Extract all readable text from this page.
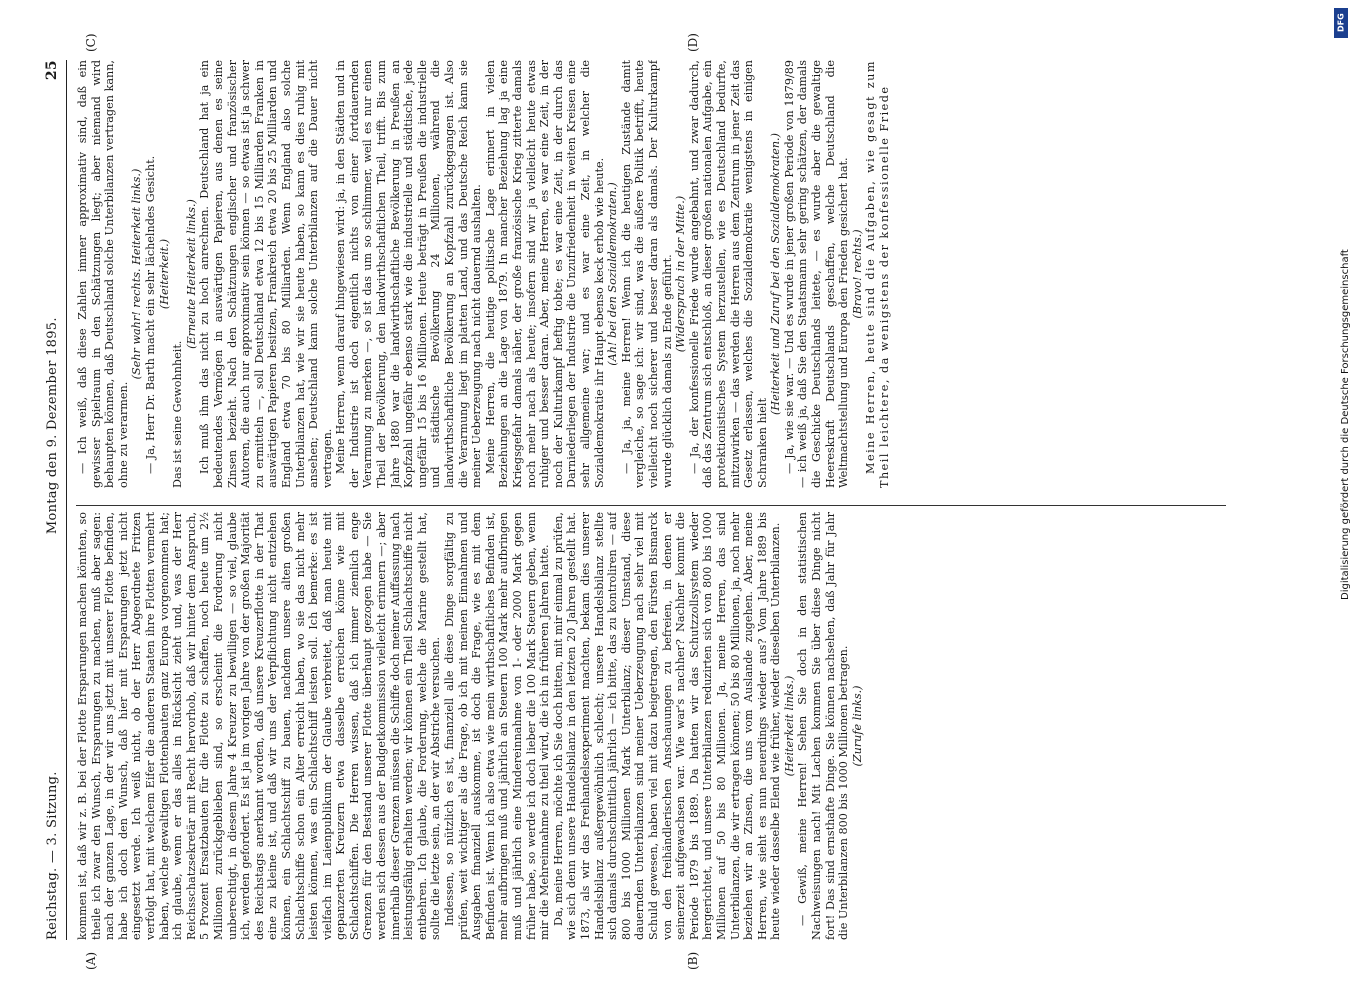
Reichstag. — 3. Sitzung.
Montag den 9. Dezember 1895.
25
(A)	(B)
(C)	(D)

kommen ist, daß wir z. B. bei der Flotte Ersparungen machen könnten, so theile ich zwar den Wunsch, Ersparungen zu machen, muß aber sagen: nach der ganzen Lage, in der wir uns jetzt mit unserer Flotte befinden, habe ich doch den Wunsch, daß hier mit Ersparungen jetzt nicht eingesetzt werde. Ich weiß nicht, ob der Herr Abgeordnete Fritzen verfolgt hat, mit welchem Eifer die anderen Staaten ihre Flotten vermehrt haben, welche gewaltigen Flottenbauten ganz Europa vorgenommen hat; ich glaube, wenn er das alles in Rücksicht zieht und, was der Herr Reichsschatzsekretär mit Recht hervorhob, daß wir hinter dem Anspruch, 5 Prozent Ersatzbauten für die Flotte zu schaffen, noch heute um 2½ Millionen zurückgeblieben sind, so erscheint die Forderung nicht unberechtigt, in diesem Jahre 4 Kreuzer zu bewilligen — so viel, glaube ich, werden gefordert. Es ist ja im vorigen Jahre von der großen Majorität des Reichstags anerkannt worden, daß unsere Kreuzerflotte in der That eine zu kleine ist, und daß wir uns der Verpflichtung nicht entziehen können, ein Schlachtschiff zu bauen, nachdem unsere alten großen Schlachtschiffe schon ein Alter erreicht haben, wo sie das nicht mehr leisten können, was ein Schlachtschiff leisten soll. Ich bemerke: es ist vielfach im Laienpublikum der Glaube verbreitet, daß man heute mit gepanzerten Kreuzern etwa dasselbe erreichen könne wie mit Schlachtschiffen. Die Herren wissen, daß ich immer ziemlich enge Grenzen für den Bestand unserer Flotte überhaupt gezogen habe — Sie werden sich dessen aus der Budgetkommission vielleicht erinnern —; aber innerhalb dieser Grenzen müssen die Schiffe doch meiner Auffassung nach leistungsfähig erhalten werden; wir können ein Theil Schlachtschiffe nicht entbehren. Ich glaube, die Forderung, welche die Marine gestellt hat, sollte die letzte sein, an der wir Abstriche versuchen. Indessen, so nützlich es ist, finanziell alle diese Dinge sorgfältig zu prüfen, weit wichtiger als die Frage, ob ich mit meinen Einnahmen und Ausgaben finanziell auskomme, ist doch die Frage, wie es mit dem Befinden ist. Wenn ich also etwa wie mein wirthschaftliches Befinden ist, mehr aufbringen muß und jährlich an Steuern 100 Mark mehr aufbringen muß und jährlich eine Mindereinnahme von 1- oder 2000 Mark gegen früher habe, so werde ich doch lieber die 100 Mark Steuern geben, wenn mir die Mehreinnahme zu theil wird, die ich in früheren Jahren hatte. Da, meine Herren, möchte ich Sie doch bitten, mit mir einmal zu prüfen, wie sich denn unsere Handelsbilanz in den letzten 20 Jahren gestellt hat. 1873, als wir das Freihandelsexperiment machten, bekam dies unserer Handelsbilanz außergewöhnlich schlecht; unsere Handelsbilanz stellte sich damals durchschnittlich jährlich — ich bitte, das zu kontroliren — auf 800 bis 1000 Millionen Mark Unterbilanz; dieser Umstand, diese dauernden Unterbilanzen sind meiner Ueberzeugung nach sehr viel mit Schuld gewesen, haben viel mit dazu beigetragen, den Fürsten Bismarck von den freihändlerischen Anschauungen zu befreien, in denen er seinerzeit aufgewachsen war. Wie war's nachher? Nachher kommt die Periode 1879 bis 1889. Da hatten wir das Schutzzollsystem wieder hergerichtet, und unsere Unterbilanzen reduzirten sich von 800 bis 1000 Millionen auf 50 bis 80 Millionen. Ja, meine Herren, das sind Unterbilanzen, die wir ertragen können; 50 bis 80 Millionen, ja, noch mehr beziehen wir an Zinsen, die uns vom Auslande zugehen. Aber, meine Herren, wie sieht es nun neuerdings wieder aus? Vom Jahre 1889 bis heute wieder dasselbe Elend wie früher, wieder dieselben Unterbilanzen. (Heiterkeit links.) — Gewiß, meine Herren! Sehen Sie doch in den statistischen Nachweisungen nach! Mit Lachen kommen Sie über diese Dinge nicht fort! Das sind ernsthafte Dinge. Sie können nachsehen, daß Jahr für Jahr die Unterbilanzen 800 bis 1000 Millionen betragen. (Zurufe links.)

— Ich weiß, daß diese Zahlen immer approximativ sind, daß ein gewisser Spielraum in den Schätzungen liegt; aber niemand wird behaupten können, daß Deutschland solche Unterbilanzen vertragen kann, ohne zu verarmen.

(Sehr wahr! rechts. Heiterkeit links.) — Ja, Herr Dr. Barth macht ein sehr lächelndes Gesicht. (Heiterkeit.)

Das ist seine Gewohnheit.

(Erneute Heiterkeit links.) Ich muß ihm das nicht zu hoch anrechnen. Deutschland hat ja ein bedeutendes Vermögen in auswärtigen Papieren, aus denen es seine Zinsen bezieht. Nach den Schätzungen englischer und französischer Autoren, die auch nur approximativ sein können — so etwas ist ja schwer zu ermitteln —, soll Deutschland etwa 12 bis 15 Milliarden Franken in auswärtigen Papieren besitzen, Frankreich etwa 20 bis 25 Milliarden und England etwa 70 bis 80 Milliarden. Wenn England also solche Unterbilanzen hat, wie wir sie heute haben, so kann es dies ruhig mit ansehen; Deutschland kann solche Unterbilanzen auf die Dauer nicht vertragen. Meine Herren, wenn darauf hingewiesen wird: ja, in den Städten und in der Industrie ist doch eigentlich nichts von einer fortdauernden Verarmung zu merken —, so ist das um so schlimmer, weil es nur einen Theil der Bevölkerung, den landwirthschaftlichen Theil, trifft. Bis zum Jahre 1880 war die landwirthschaftliche Bevölkerung in Preußen an Kopfzahl ungefähr ebenso stark wie die industrielle und städtische, jede ungefähr 15 bis 16 Millionen. Heute beträgt in Preußen die industrielle und städtische Bevölkerung 24 Millionen, während die landwirthschaftliche Bevölkerung an Kopfzahl zurückgegangen ist. Also die Verarmung liegt im platten Land, und das Deutsche Reich kann sie meiner Ueberzeugung nach nicht dauernd aushalten. Meine Herren, die heutige politische Lage erinnert in vielen Beziehungen an die Lage von 1879. In mancher Beziehung lag ja eine Kriegsgefahr damals näher, der große französische Krieg zitterte damals noch mehr nach als heute; insofern sind wir ja vielleicht heute etwas ruhiger und besser daran. Aber, meine Herren, es war eine Zeit, in der noch der Kulturkampf heftig tobte; es war eine Zeit, in der durch das Darniederliegen der Industrie die Unzufriedenheit in weiten Kreisen eine sehr allgemeine war; und es war eine Zeit, in welcher die Sozialdemokratie ihr Haupt ebenso keck erhob wie heute. (Ah! bei den Sozialdemokraten.) — Ja, ja, meine Herren! Wenn ich die heutigen Zustände damit vergleiche, so sage ich: wir sind, was die äußere Politik betrifft, heute vielleicht noch sicherer und besser daran als damals. Der Kulturkampf wurde glücklich damals zu Ende geführt. (Widerspruch in der Mitte.) — Ja, der konfessionelle Friede wurde angebahnt, und zwar dadurch, daß das Zentrum sich entschloß, an dieser großen nationalen Aufgabe, ein protektionistisches System herzustellen, wie es Deutschland bedurfte, mitzuwirken — das werden die Herren aus dem Zentrum in jener Zeit das Gesetz erlassen, welches die Sozialdemokratie wenigstens in einigen Schranken hielt

(Heiterkeit und Zuruf bei den Sozialdemokraten.) — Ja, wie sie war. — Und es wurde in jener großen Periode von 1879/89 — ich weiß ja, daß Sie den Staatsmann sehr gering schätzen, der damals die Geschicke Deutschlands leitete, — es wurde aber die gewaltige Heereskraft Deutschlands geschaffen, welche Deutschland die Weltmachtstellung und Europa den Frieden gesichert hat. (Bravo! rechts.) Meine Herren, heute sind die Aufgaben, wie gesagt zum Theil leichtere, da wenigstens der konfessionelle Friede

DFG
Digitalisierung gefördert durch die Deutsche Forschungsgemeinschaft
